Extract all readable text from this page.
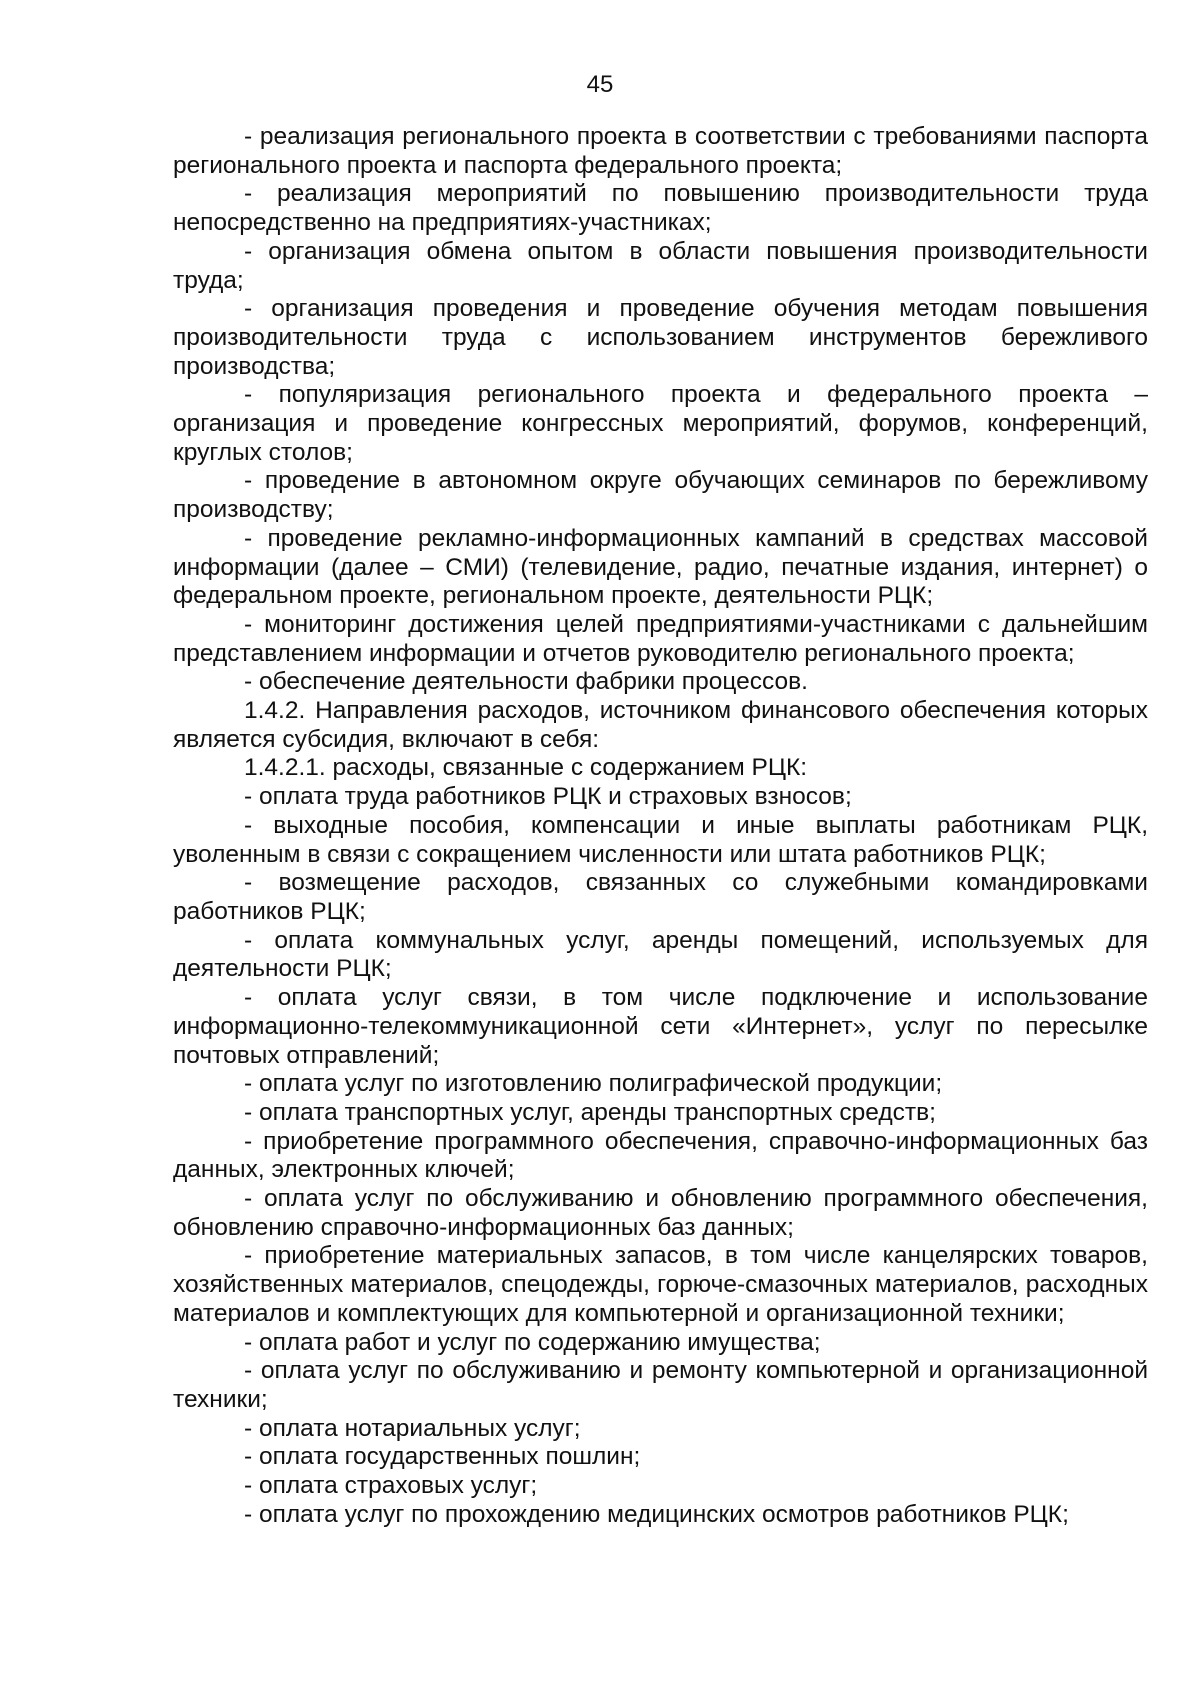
45

- реализация регионального проекта в соответствии с требованиями паспорта регионального проекта и паспорта федерального проекта;

- реализация мероприятий по повышению производительности труда непосредственно на предприятиях-участниках;

- организация обмена опытом в области повышения производительности труда;

- организация проведения и проведение обучения методам повышения производительности труда с использованием инструментов бережливого производства;

- популяризация регионального проекта и федерального проекта – организация и проведение конгрессных мероприятий, форумов, конференций, круглых столов;

- проведение в автономном округе обучающих семинаров по бережливому производству;

- проведение рекламно-информационных кампаний в средствах массовой информации (далее – СМИ) (телевидение, радио, печатные издания, интернет) о федеральном проекте, региональном проекте, деятельности РЦК;

- мониторинг достижения целей предприятиями-участниками с дальнейшим представлением информации и отчетов руководителю регионального проекта;

- обеспечение деятельности фабрики процессов.

1.4.2. Направления расходов, источником финансового обеспечения которых является субсидия, включают в себя:

1.4.2.1. расходы, связанные с содержанием РЦК:

- оплата труда работников РЦК и страховых взносов;

- выходные пособия, компенсации и иные выплаты работникам РЦК, уволенным в связи с сокращением численности или штата работников РЦК;

- возмещение расходов, связанных со служебными командировками работников РЦК;

- оплата коммунальных услуг, аренды помещений, используемых для деятельности РЦК;

- оплата услуг связи, в том числе подключение и использование информационно-телекоммуникационной сети «Интернет», услуг по пересылке почтовых отправлений;

- оплата услуг по изготовлению полиграфической продукции;

- оплата транспортных услуг, аренды транспортных средств;

- приобретение программного обеспечения, справочно-информационных баз данных, электронных ключей;

- оплата услуг по обслуживанию и обновлению программного обеспечения, обновлению справочно-информационных баз данных;

- приобретение материальных запасов, в том числе канцелярских товаров, хозяйственных материалов, спецодежды, горюче-смазочных материалов, расходных материалов и комплектующих для компьютерной и организационной техники;

- оплата работ и услуг по содержанию имущества;

- оплата услуг по обслуживанию и ремонту компьютерной и организационной техники;

- оплата нотариальных услуг;

- оплата государственных пошлин;

- оплата страховых услуг;

- оплата услуг по прохождению медицинских осмотров работников РЦК;
